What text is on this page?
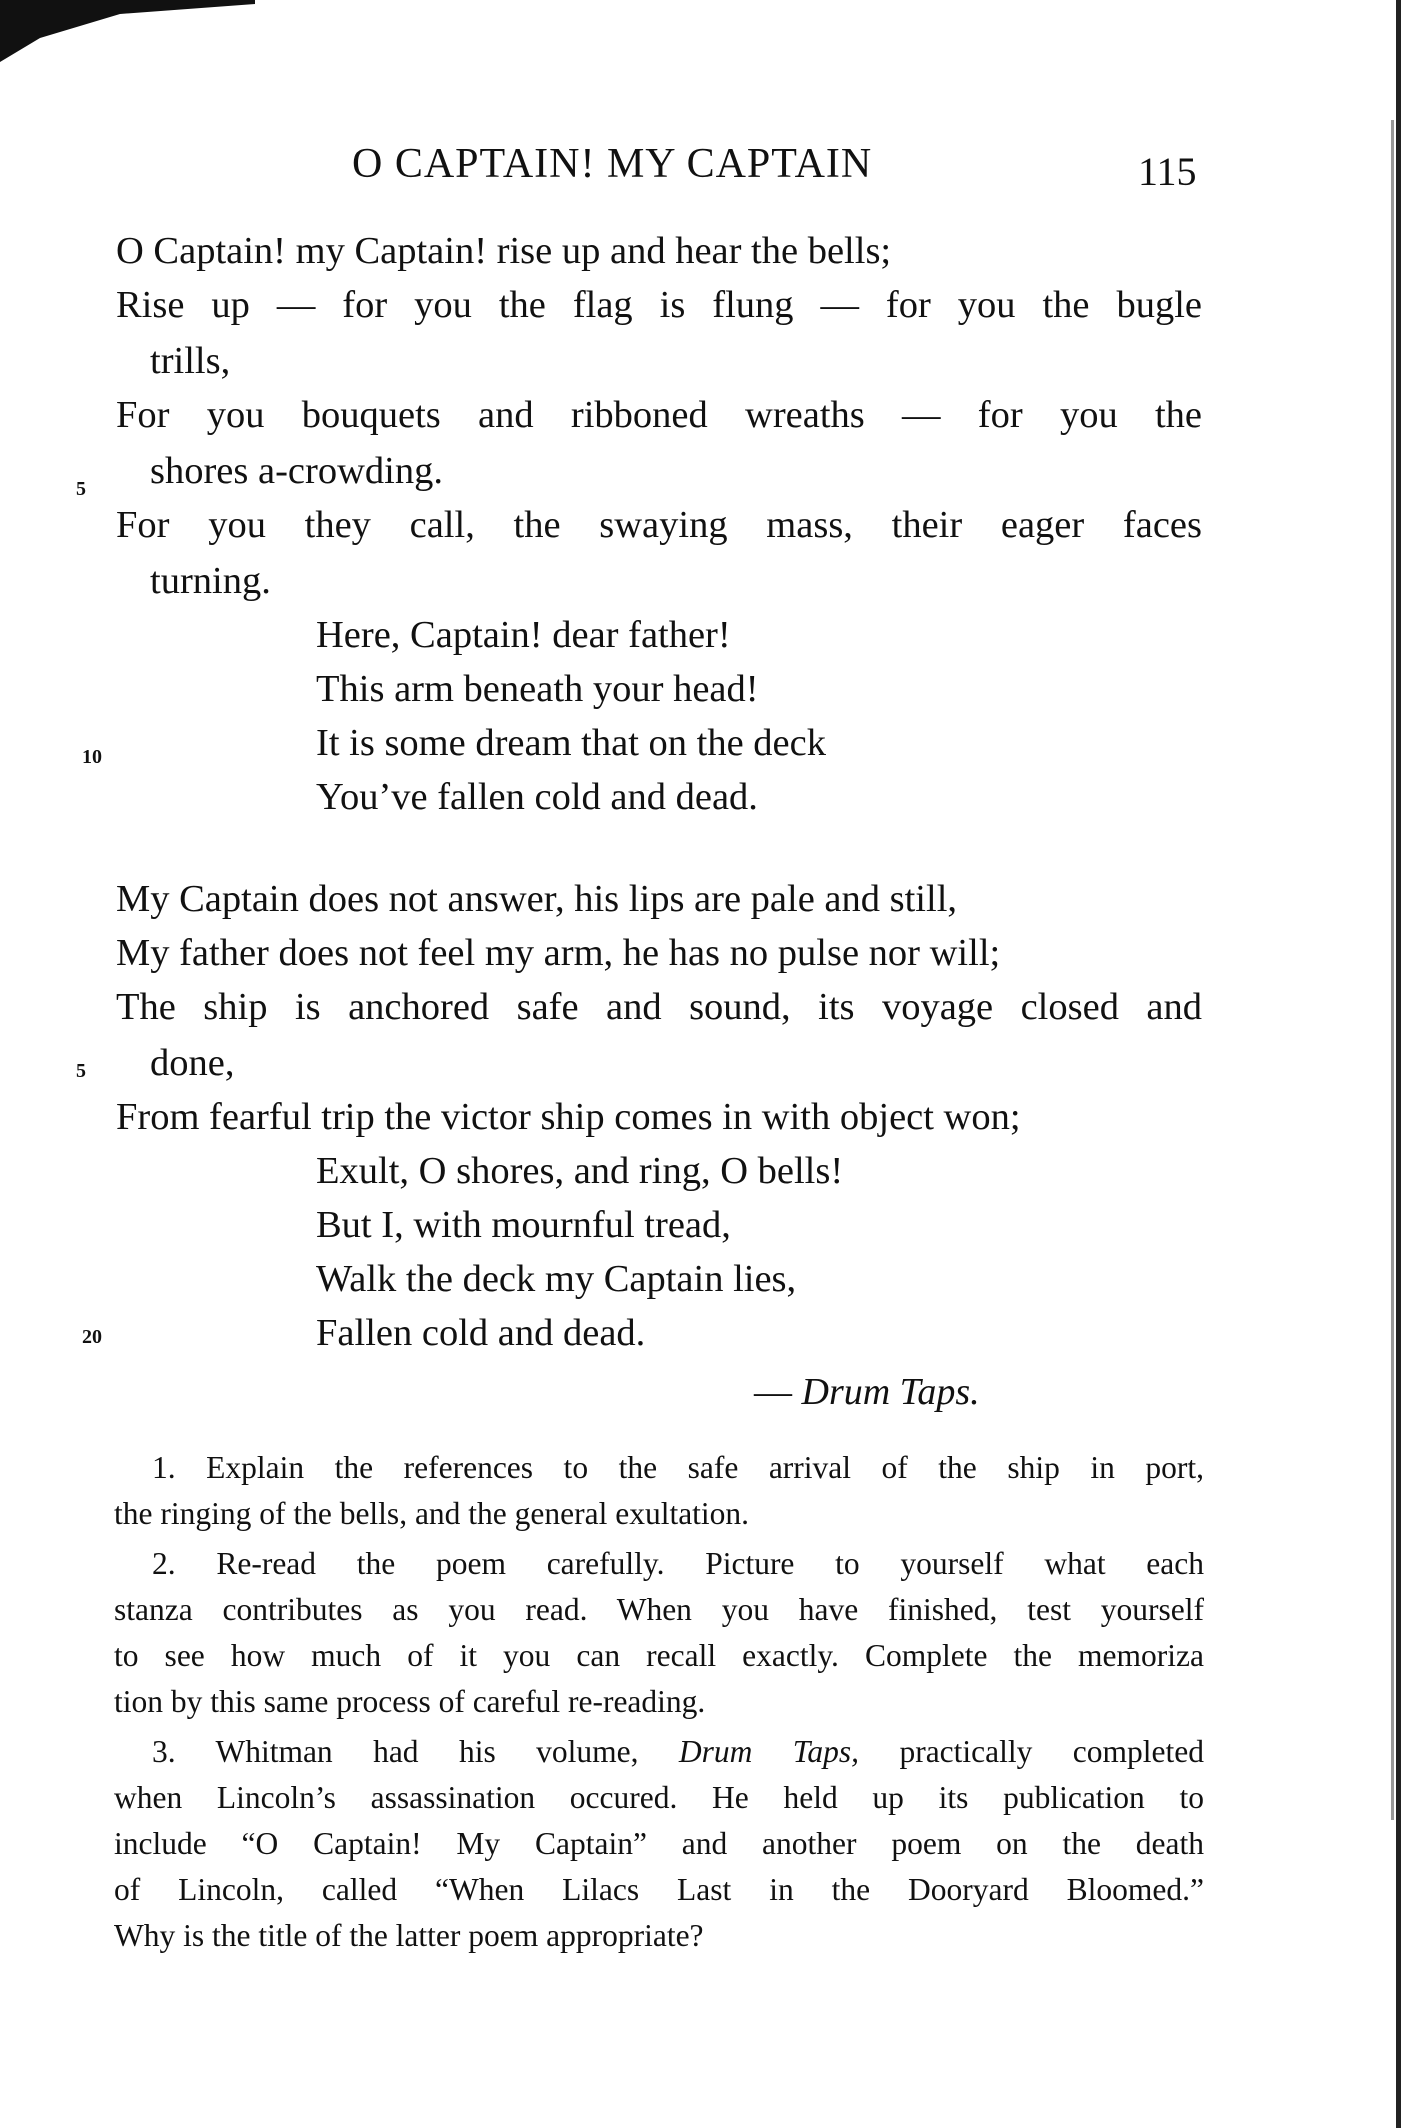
O CAPTAIN! MY CAPTAIN	115
O Captain! my Captain! rise up and hear the bells;
Rise up — for you the flag is flung — for you the bugle
trills,
For you bouquets and ribboned wreaths — for you the
shores a-crowding.
For you they call, the swaying mass, their eager faces
turning.
Here, Captain! dear father!
This arm beneath your head!
It is some dream that on the deck
You’ve fallen cold and dead.
My Captain does not answer, his lips are pale and still,
My father does not feel my arm, he has no pulse nor will;
The ship is anchored safe and sound, its voyage closed and
done,
From fearful trip the victor ship comes in with object won;
Exult, O shores, and ring, O bells!
But I, with mournful tread,
Walk the deck my Captain lies,
Fallen cold and dead.
5
10
5
20
— Drum Taps.
1. Explain the references to the safe arrival of the ship in port,
the ringing of the bells, and the general exultation.
2. Re-read the poem carefully. Picture to yourself what each
stanza contributes as you read. When you have finished, test yourself
to see how much of it you can recall exactly. Complete the memoriza
tion by this same process of careful re-reading.
3. Whitman had his volume, Drum Taps, practically completed
when Lincoln’s assassination occured. He held up its publication to
include “O Captain! My Captain” and another poem on the death
of Lincoln, called “When Lilacs Last in the Dooryard Bloomed.”
Why is the title of the latter poem appropriate?
